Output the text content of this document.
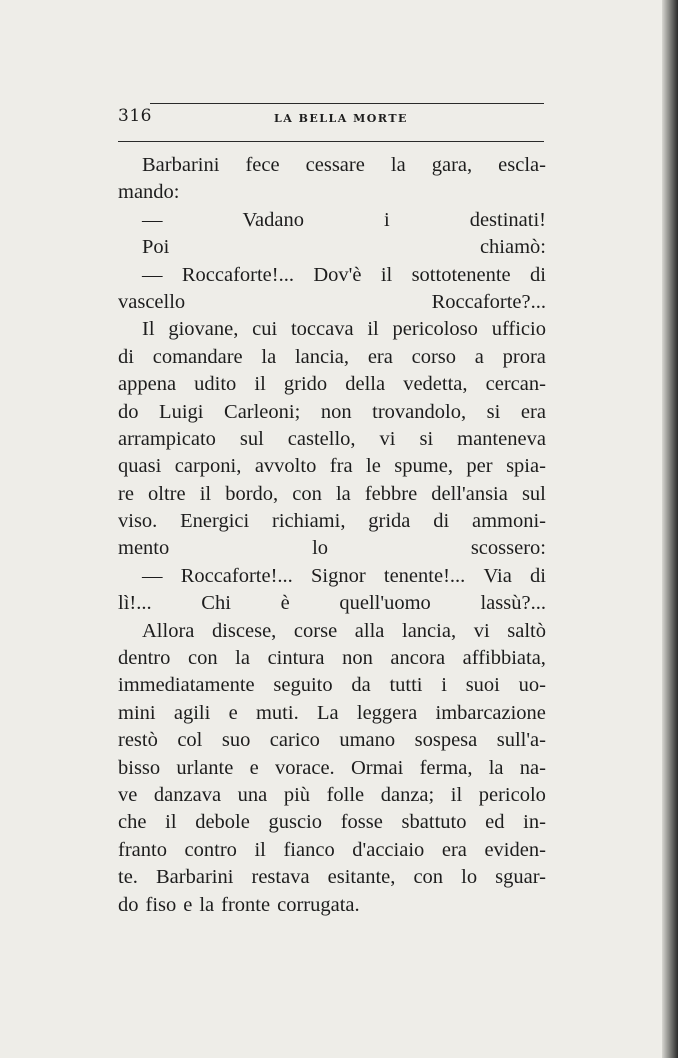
316	LA BELLA MORTE
Barbarini fece cessare la gara, escla-
mando:
—	Vadano	i	destinati!
Poi	chiamò:
— Roccaforte!... Dov'è il sottotenente di
vascello	Roccaforte?...
Il giovane, cui toccava il pericoloso ufficio
di comandare la lancia, era corso a prora
appena udito il grido della vedetta, cercan-
do Luigi Carleoni; non trovandolo, si era
arrampicato sul castello, vi si manteneva
quasi carponi, avvolto fra le spume, per spia-
re oltre il bordo, con la febbre dell'ansia sul
viso. Energici richiami, grida di ammoni-
mento	lo	scossero:
— Roccaforte!... Signor tenente!... Via di
lì!... Chi è quell'uomo lassù?...
Allora discese, corse alla lancia, vi saltò
dentro con la cintura non ancora affibbiata,
immediatamente seguito da tutti i suoi uo-
mini agili e muti. La leggera imbarcazione
restò col suo carico umano sospesa sull'a-
bisso urlante e vorace. Ormai ferma, la na-
ve danzava una più folle danza; il pericolo
che il debole guscio fosse sbattuto ed in-
franto contro il fianco d'acciaio era eviden-
te. Barbarini restava esitante, con lo sguar-
do fiso e la fronte corrugata.
